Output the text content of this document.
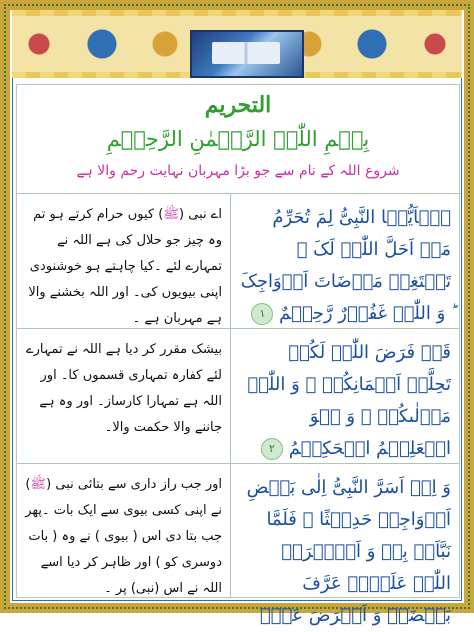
التحريم
بِسۡمِ اللّٰہِ الرَّحۡمٰنِ الرَّحِیۡمِ
شروع اللہ کے نام سے جو بڑا مہربان نہایت رحم والا ہے
اے نبی (ﷺ) کیوں حرام کرتے ہو تم وہ چیز جو حلال کی ہے اللہ نے تمہارے لئے ۔کیا چاہتے ہو خوشنودی اپنی بیویوں کی۔ اور اللہ بخشنے والا ہے مہربان ہے ۔
یٰۤاَیُّہَا النَّبِیُّ لِمَ تُحَرِّمُ مَاۤ اَحَلَّ اللّٰہُ لَکَ ۚ تَبۡتَغِیۡ مَرۡضَاتَ اَزۡوَاجِکَ ؕ وَ اللّٰہُ غَفُوۡرٌ رَّحِیۡمٌ ۱
بیشک مقرر کر دیا ہے اللہ نے تمہارے لئے کفارہ تمہاری قسموں کا۔ اور اللہ ہے تمہارا کارساز۔ اور وہ ہے جاننے والا حکمت والا۔
قَدۡ فَرَضَ اللّٰہُ لَکُمۡ تَحِلَّۃَ اَیۡمَانِکُمۡ ۚ وَ اللّٰہُ مَوۡلٰىکُمۡ ۚ وَ ہُوَ الۡعَلِیۡمُ الۡحَکِیۡمُ ۲
اور جب راز داری سے بتائی نبی (ﷺ) نے اپنی کسی بیوی سے ایک بات ۔پھر جب بتا دی اس ( بیوی ) نے وہ ( بات دوسری کو ) اور ظاہر کر دیا اسے اللہ نے اس (نبی) پر ۔
وَ اِذۡ اَسَرَّ النَّبِیُّ اِلٰی بَعۡضِ اَزۡوَاجِہٖ حَدِیۡثًا ۚ فَلَمَّا نَبَّاَتۡ بِہٖ وَ اَظۡہَرَہُ اللّٰہُ عَلَیۡہِ عَرَّفَ بَعۡضَہٗ وَ اَعۡرَضَ عَنۡۢ
